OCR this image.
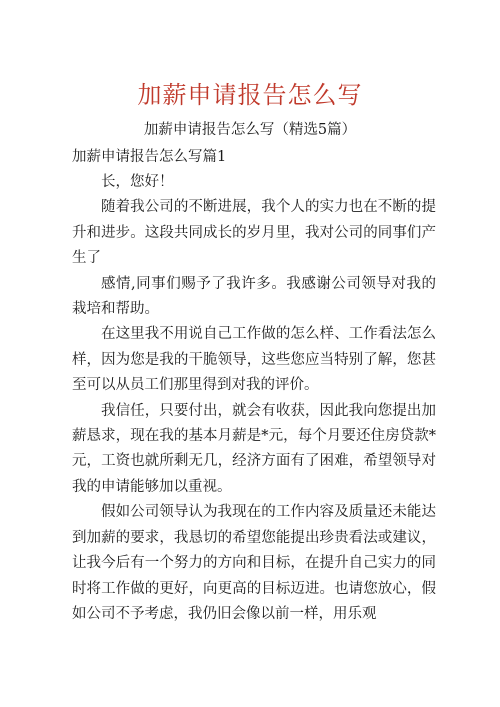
加薪申请报告怎么写
加薪申请报告怎么写（精选5篇）
加薪申请报告怎么写篇1

长，您好！

随着我公司的不断进展，我个人的实力也在不断的提升和进步。这段共同成长的岁月里，我对公司的同事们产生了

感情,同事们赐予了我许多。我感谢公司领导对我的栽培和帮助。

在这里我不用说自己工作做的怎么样、工作看法怎么样，因为您是我的干脆领导，这些您应当特别了解，您甚至可以从员工们那里得到对我的评价。

我信任，只要付出，就会有收获，因此我向您提出加薪恳求，现在我的基本月薪是*元，每个月要还住房贷款*元，工资也就所剩无几，经济方面有了困难，希望领导对我的申请能够加以重视。

假如公司领导认为我现在的工作内容及质量还未能达到加薪的要求，我恳切的希望您能提出珍贵看法或建议，让我今后有一个努力的方向和目标，在提升自己实力的同时将工作做的更好，向更高的目标迈进。也请您放心，假如公司不予考虑，我仍旧会像以前一样，用乐观
